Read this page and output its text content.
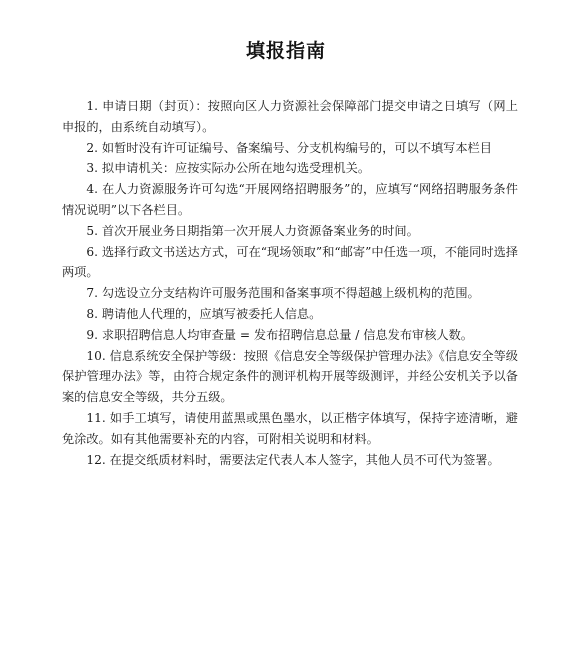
填报指南
1. 申请日期（封页）：按照向区人力资源社会保障部门提交申请之日填写（网上申报的，由系统自动填写）。
2. 如暂时没有许可证编号、备案编号、分支机构编号的，可以不填写本栏目
3. 拟申请机关：应按实际办公所在地勾选受理机关。
4. 在人力资源服务许可勾选“开展网络招聘服务”的，应填写“网络招聘服务条件情况说明”以下各栏目。
5. 首次开展业务日期指第一次开展人力资源备案业务的时间。
6. 选择行政文书送达方式，可在“现场领取”和“邮寄”中任选一项，不能同时选择两项。
7. 勾选设立分支结构许可服务范围和备案事项不得超越上级机构的范围。
8. 聘请他人代理的，应填写被委托人信息。
9. 求职招聘信息人均审查量 = 发布招聘信息总量 / 信息发布审核人数。
10. 信息系统安全保护等级：按照《信息安全等级保护管理办法》《信息安全等级保护管理办法》等，由符合规定条件的测评机构开展等级测评，并经公安机关予以备案的信息安全等级，共分五级。
11. 如手工填写，请使用蓝黑或黑色墨水，以正楷字体填写，保持字迹清晰，避免涂改。如有其他需要补充的内容，可附相关说明和材料。
12. 在提交纸质材料时，需要法定代表人本人签字，其他人员不可代为签署。
